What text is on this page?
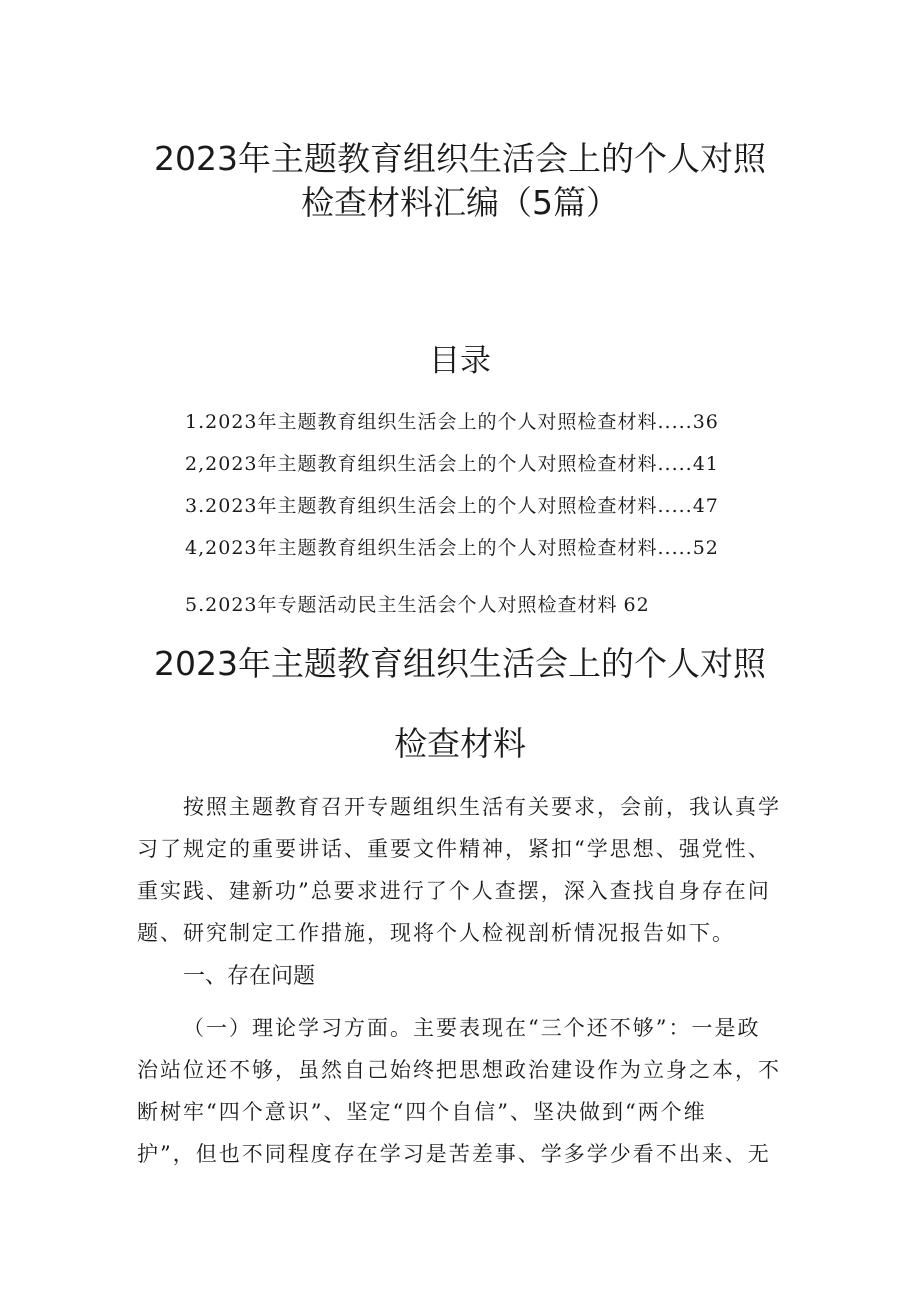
2023年主题教育组织生活会上的个人对照
检查材料汇编（5篇）
目录
1.2023年主题教育组织生活会上的个人对照检查材料.....36
2,2023年主题教育组织生活会上的个人对照检查材料.....41
3.2023年主题教育组织生活会上的个人对照检查材料.....47
4,2023年主题教育组织生活会上的个人对照检查材料.....52
5.2023年专题活动民主生活会个人对照检查材料 62
2023年主题教育组织生活会上的个人对照
检查材料
按照主题教育召开专题组织生活有关要求，会前，我认真学
习了规定的重要讲话、重要文件精神，紧扣“学思想、强党性、
重实践、建新功”总要求进行了个人查摆，深入查找自身存在问
题、研究制定工作措施，现将个人检视剖析情况报告如下。
一、存在问题
（一）理论学习方面。主要表现在“三个还不够”：一是政
治站位还不够，虽然自己始终把思想政治建设作为立身之本，不
断树牢“四个意识”、坚定“四个自信”、坚决做到“两个维
护”，但也不同程度存在学习是苦差事、学多学少看不出来、无
